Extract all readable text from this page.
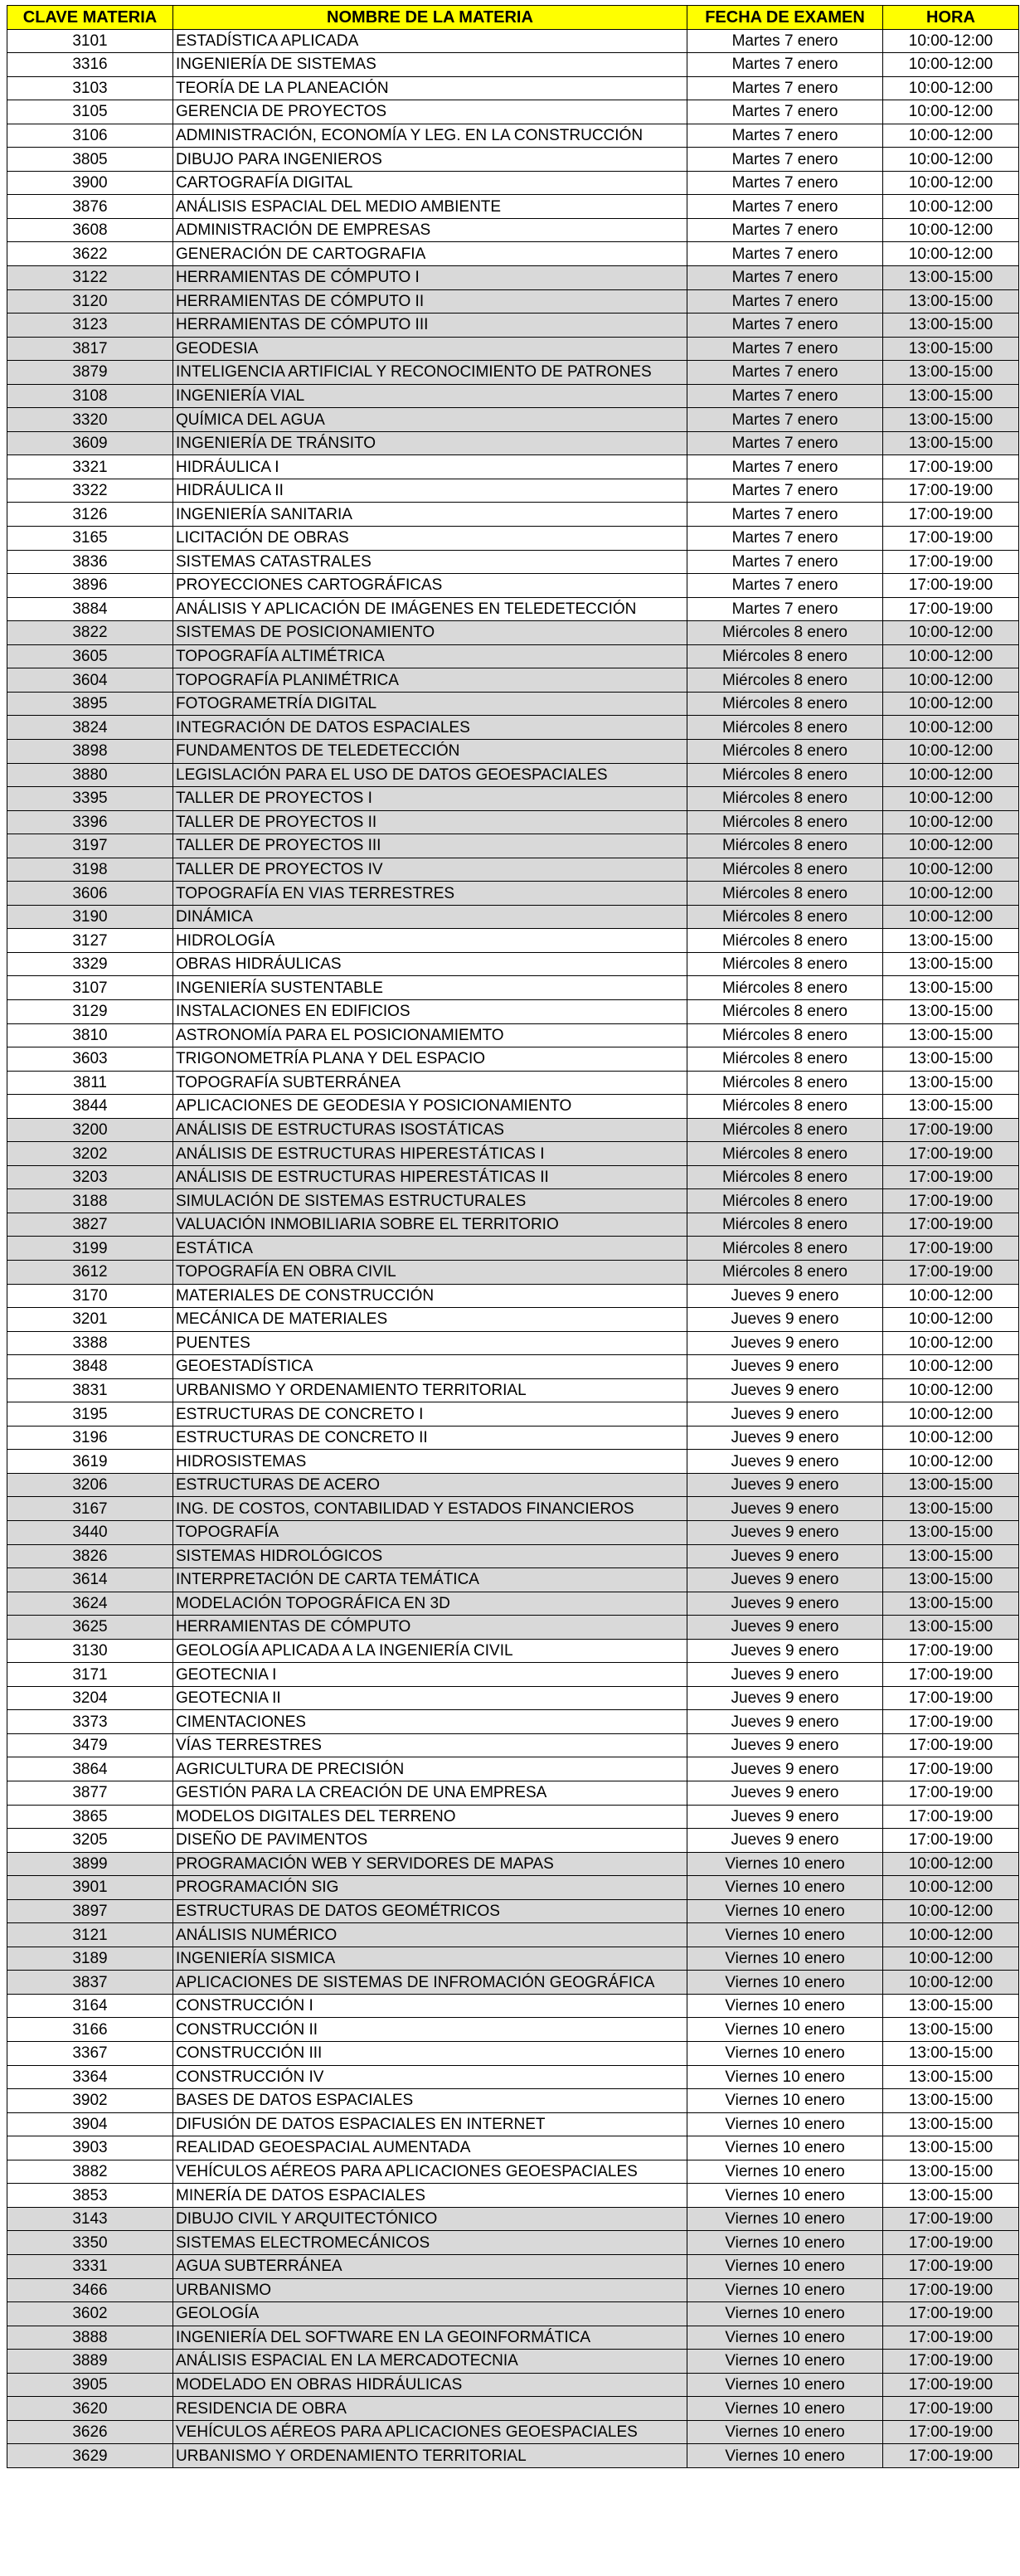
CLAVE MATERIA	NOMBRE DE LA MATERIA	FECHA DE EXAMEN	HORA
3101	ESTADÍSTICA APLICADA	Martes 7 enero	10:00-12:00
3316	INGENIERÍA DE SISTEMAS	Martes 7 enero	10:00-12:00
3103	TEORÍA DE LA PLANEACIÓN	Martes 7 enero	10:00-12:00
3105	GERENCIA DE PROYECTOS	Martes 7 enero	10:00-12:00
3106	ADMINISTRACIÓN, ECONOMÍA Y LEG. EN LA CONSTRUCCIÓN	Martes 7 enero	10:00-12:00
3805	DIBUJO PARA INGENIEROS	Martes 7 enero	10:00-12:00
3900	CARTOGRAFÍA DIGITAL	Martes 7 enero	10:00-12:00
3876	ANÁLISIS ESPACIAL DEL MEDIO AMBIENTE	Martes 7 enero	10:00-12:00
3608	ADMINISTRACIÓN DE EMPRESAS	Martes 7 enero	10:00-12:00
3622	GENERACIÓN DE CARTOGRAFIA	Martes 7 enero	10:00-12:00
3122	HERRAMIENTAS DE CÓMPUTO I	Martes 7 enero	13:00-15:00
3120	HERRAMIENTAS DE CÓMPUTO II	Martes 7 enero	13:00-15:00
3123	HERRAMIENTAS DE CÓMPUTO III	Martes 7 enero	13:00-15:00
3817	GEODESIA	Martes 7 enero	13:00-15:00
3879	INTELIGENCIA ARTIFICIAL Y RECONOCIMIENTO DE PATRONES	Martes 7 enero	13:00-15:00
3108	INGENIERÍA VIAL	Martes 7 enero	13:00-15:00
3320	QUÍMICA DEL AGUA	Martes 7 enero	13:00-15:00
3609	INGENIERÍA DE TRÁNSITO	Martes 7 enero	13:00-15:00
3321	HIDRÁULICA I	Martes 7 enero	17:00-19:00
3322	HIDRÁULICA II	Martes 7 enero	17:00-19:00
3126	INGENIERÍA SANITARIA	Martes 7 enero	17:00-19:00
3165	LICITACIÓN DE OBRAS	Martes 7 enero	17:00-19:00
3836	SISTEMAS CATASTRALES	Martes 7 enero	17:00-19:00
3896	PROYECCIONES CARTOGRÁFICAS	Martes 7 enero	17:00-19:00
3884	ANÁLISIS Y APLICACIÓN DE IMÁGENES EN TELEDETECCIÓN	Martes 7 enero	17:00-19:00
3822	SISTEMAS DE POSICIONAMIENTO	Miércoles 8 enero	10:00-12:00
3605	TOPOGRAFÍA ALTIMÉTRICA	Miércoles 8 enero	10:00-12:00
3604	TOPOGRAFÍA PLANIMÉTRICA	Miércoles 8 enero	10:00-12:00
3895	FOTOGRAMETRÍA DIGITAL	Miércoles 8 enero	10:00-12:00
3824	INTEGRACIÓN DE DATOS ESPACIALES	Miércoles 8 enero	10:00-12:00
3898	FUNDAMENTOS DE TELEDETECCIÓN	Miércoles 8 enero	10:00-12:00
3880	LEGISLACIÓN PARA EL USO DE DATOS GEOESPACIALES	Miércoles 8 enero	10:00-12:00
3395	TALLER DE PROYECTOS I	Miércoles 8 enero	10:00-12:00
3396	TALLER DE PROYECTOS II	Miércoles 8 enero	10:00-12:00
3197	TALLER DE PROYECTOS III	Miércoles 8 enero	10:00-12:00
3198	TALLER DE PROYECTOS IV	Miércoles 8 enero	10:00-12:00
3606	TOPOGRAFÍA EN VIAS TERRESTRES	Miércoles 8 enero	10:00-12:00
3190	DINÁMICA	Miércoles 8 enero	10:00-12:00
3127	HIDROLOGÍA	Miércoles 8 enero	13:00-15:00
3329	OBRAS HIDRÁULICAS	Miércoles 8 enero	13:00-15:00
3107	INGENIERÍA SUSTENTABLE	Miércoles 8 enero	13:00-15:00
3129	INSTALACIONES EN EDIFICIOS	Miércoles 8 enero	13:00-15:00
3810	ASTRONOMÍA PARA EL POSICIONAMIEMTO	Miércoles 8 enero	13:00-15:00
3603	TRIGONOMETRÍA PLANA Y DEL ESPACIO	Miércoles 8 enero	13:00-15:00
3811	TOPOGRAFÍA SUBTERRÁNEA	Miércoles 8 enero	13:00-15:00
3844	APLICACIONES DE GEODESIA Y POSICIONAMIENTO	Miércoles 8 enero	13:00-15:00
3200	ANÁLISIS DE ESTRUCTURAS ISOSTÁTICAS	Miércoles 8 enero	17:00-19:00
3202	ANÁLISIS DE ESTRUCTURAS HIPERESTÁTICAS I	Miércoles 8 enero	17:00-19:00
3203	ANÁLISIS DE ESTRUCTURAS HIPERESTÁTICAS II	Miércoles 8 enero	17:00-19:00
3188	SIMULACIÓN DE SISTEMAS ESTRUCTURALES	Miércoles 8 enero	17:00-19:00
3827	VALUACIÓN INMOBILIARIA SOBRE EL TERRITORIO	Miércoles 8 enero	17:00-19:00
3199	ESTÁTICA	Miércoles 8 enero	17:00-19:00
3612	TOPOGRAFÍA EN OBRA CIVIL	Miércoles 8 enero	17:00-19:00
3170	MATERIALES DE CONSTRUCCIÓN	Jueves 9 enero	10:00-12:00
3201	MECÁNICA DE MATERIALES	Jueves 9 enero	10:00-12:00
3388	PUENTES	Jueves 9 enero	10:00-12:00
3848	GEOESTADÍSTICA	Jueves 9 enero	10:00-12:00
3831	URBANISMO Y ORDENAMIENTO TERRITORIAL	Jueves 9 enero	10:00-12:00
3195	ESTRUCTURAS DE CONCRETO I	Jueves 9 enero	10:00-12:00
3196	ESTRUCTURAS DE CONCRETO II	Jueves 9 enero	10:00-12:00
3619	HIDROSISTEMAS	Jueves 9 enero	10:00-12:00
3206	ESTRUCTURAS DE ACERO	Jueves 9 enero	13:00-15:00
3167	ING. DE COSTOS, CONTABILIDAD Y ESTADOS FINANCIEROS	Jueves 9 enero	13:00-15:00
3440	TOPOGRAFÍA	Jueves 9 enero	13:00-15:00
3826	SISTEMAS HIDROLÓGICOS	Jueves 9 enero	13:00-15:00
3614	INTERPRETACIÓN DE CARTA TEMÁTICA	Jueves 9 enero	13:00-15:00
3624	MODELACIÓN TOPOGRÁFICA EN 3D	Jueves 9 enero	13:00-15:00
3625	HERRAMIENTAS DE CÓMPUTO	Jueves 9 enero	13:00-15:00
3130	GEOLOGÍA APLICADA A LA INGENIERÍA CIVIL	Jueves 9 enero	17:00-19:00
3171	GEOTECNIA I	Jueves 9 enero	17:00-19:00
3204	GEOTECNIA II	Jueves 9 enero	17:00-19:00
3373	CIMENTACIONES	Jueves 9 enero	17:00-19:00
3479	VÍAS TERRESTRES	Jueves 9 enero	17:00-19:00
3864	AGRICULTURA DE PRECISIÓN	Jueves 9 enero	17:00-19:00
3877	GESTIÓN PARA LA CREACIÓN DE UNA EMPRESA	Jueves 9 enero	17:00-19:00
3865	MODELOS DIGITALES DEL TERRENO	Jueves 9 enero	17:00-19:00
3205	DISEÑO DE PAVIMENTOS	Jueves 9 enero	17:00-19:00
3899	PROGRAMACIÓN WEB Y SERVIDORES DE MAPAS	Viernes 10 enero	10:00-12:00
3901	PROGRAMACIÓN SIG	Viernes 10 enero	10:00-12:00
3897	ESTRUCTURAS DE DATOS GEOMÉTRICOS	Viernes 10 enero	10:00-12:00
3121	ANÁLISIS NUMÉRICO	Viernes 10 enero	10:00-12:00
3189	INGENIERÍA SISMICA	Viernes 10 enero	10:00-12:00
3837	APLICACIONES DE SISTEMAS DE INFROMACIÓN GEOGRÁFICA	Viernes 10 enero	10:00-12:00
3164	CONSTRUCCIÓN I	Viernes 10 enero	13:00-15:00
3166	CONSTRUCCIÓN II	Viernes 10 enero	13:00-15:00
3367	CONSTRUCCIÓN III	Viernes 10 enero	13:00-15:00
3364	CONSTRUCCIÓN IV	Viernes 10 enero	13:00-15:00
3902	BASES DE DATOS ESPACIALES	Viernes 10 enero	13:00-15:00
3904	DIFUSIÓN DE DATOS ESPACIALES EN INTERNET	Viernes 10 enero	13:00-15:00
3903	REALIDAD GEOESPACIAL AUMENTADA	Viernes 10 enero	13:00-15:00
3882	VEHÍCULOS AÉREOS PARA APLICACIONES GEOESPACIALES	Viernes 10 enero	13:00-15:00
3853	MINERÍA DE DATOS ESPACIALES	Viernes 10 enero	13:00-15:00
3143	DIBUJO CIVIL Y ARQUITECTÓNICO	Viernes 10 enero	17:00-19:00
3350	SISTEMAS ELECTROMECÁNICOS	Viernes 10 enero	17:00-19:00
3331	AGUA SUBTERRÁNEA	Viernes 10 enero	17:00-19:00
3466	URBANISMO	Viernes 10 enero	17:00-19:00
3602	GEOLOGÍA	Viernes 10 enero	17:00-19:00
3888	INGENIERÍA DEL SOFTWARE EN LA GEOINFORMÁTICA	Viernes 10 enero	17:00-19:00
3889	ANÁLISIS ESPACIAL EN LA MERCADOTECNIA	Viernes 10 enero	17:00-19:00
3905	MODELADO EN OBRAS HIDRÁULICAS	Viernes 10 enero	17:00-19:00
3620	RESIDENCIA DE OBRA	Viernes 10 enero	17:00-19:00
3626	VEHÍCULOS AÉREOS PARA APLICACIONES GEOESPACIALES	Viernes 10 enero	17:00-19:00
3629	URBANISMO Y ORDENAMIENTO TERRITORIAL	Viernes 10 enero	17:00-19:00
